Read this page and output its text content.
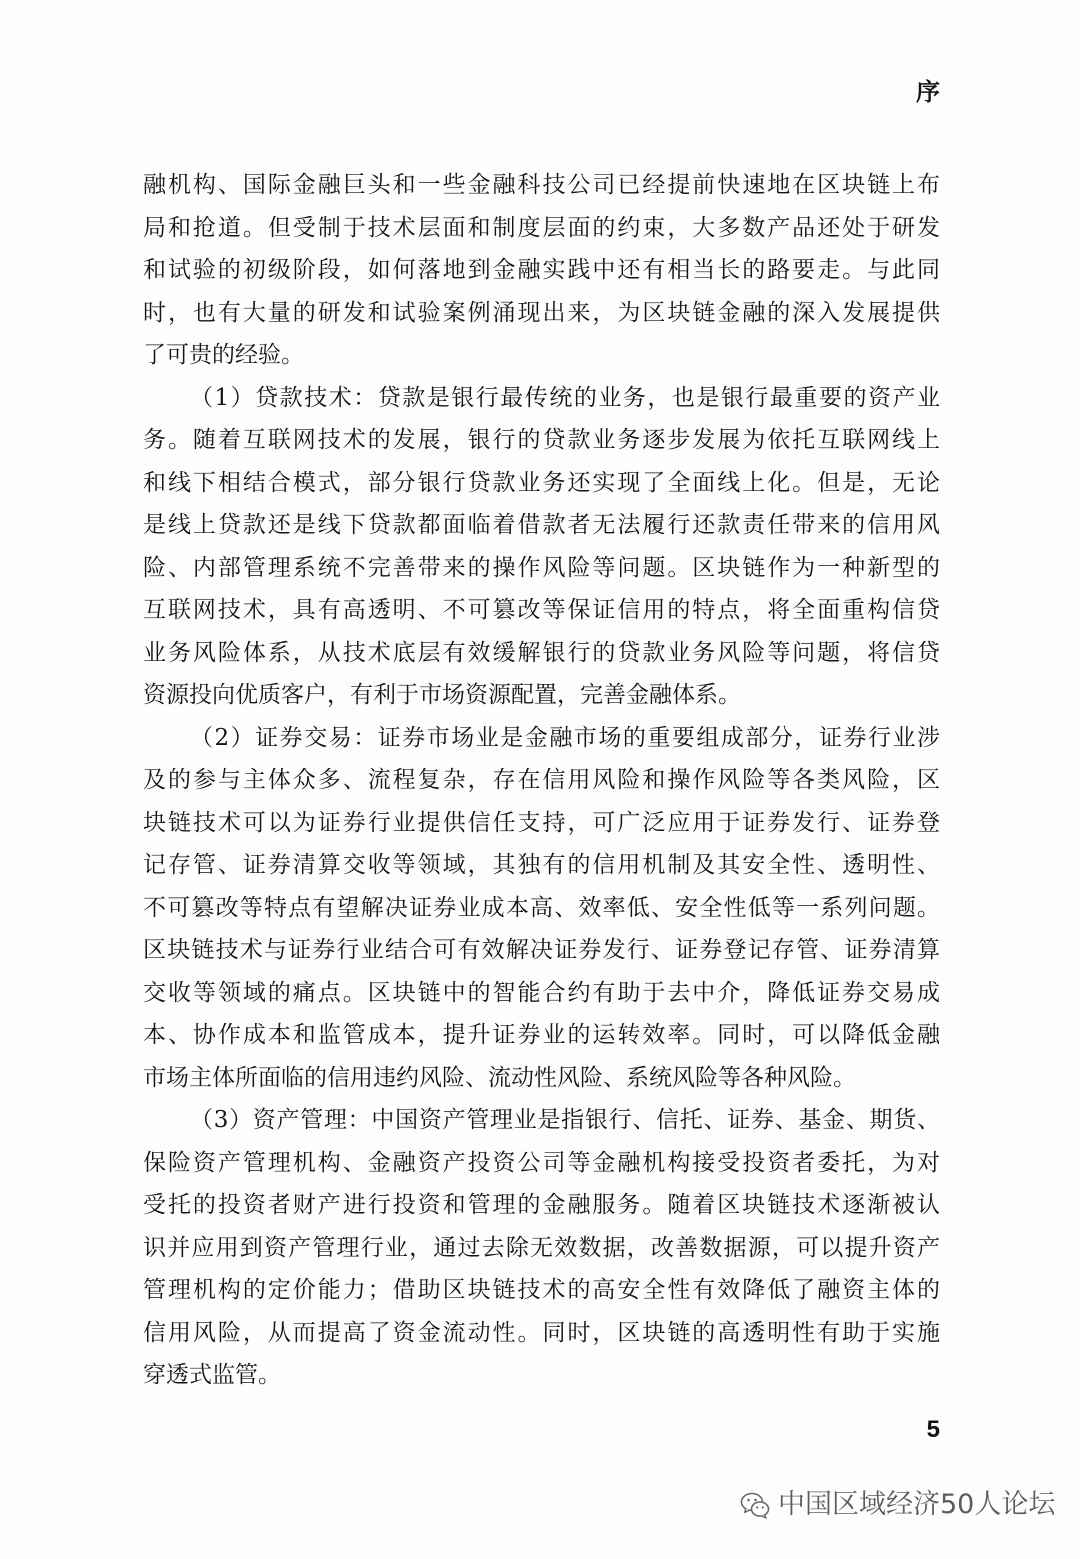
序
融机构、国际金融巨头和一些金融科技公司已经提前快速地在区块链上布
局和抢道。但受制于技术层面和制度层面的约束，大多数产品还处于研发
和试验的初级阶段，如何落地到金融实践中还有相当长的路要走。与此同
时，也有大量的研发和试验案例涌现出来，为区块链金融的深入发展提供
了可贵的经验。
（1）贷款技术：贷款是银行最传统的业务，也是银行最重要的资产业
务。随着互联网技术的发展，银行的贷款业务逐步发展为依托互联网线上
和线下相结合模式，部分银行贷款业务还实现了全面线上化。但是，无论
是线上贷款还是线下贷款都面临着借款者无法履行还款责任带来的信用风
险、内部管理系统不完善带来的操作风险等问题。区块链作为一种新型的
互联网技术，具有高透明、不可篡改等保证信用的特点，将全面重构信贷
业务风险体系，从技术底层有效缓解银行的贷款业务风险等问题，将信贷
资源投向优质客户，有利于市场资源配置，完善金融体系。
（2）证券交易：证券市场业是金融市场的重要组成部分，证券行业涉
及的参与主体众多、流程复杂，存在信用风险和操作风险等各类风险，区
块链技术可以为证券行业提供信任支持，可广泛应用于证券发行、证券登
记存管、证券清算交收等领域，其独有的信用机制及其安全性、透明性、
不可篡改等特点有望解决证券业成本高、效率低、安全性低等一系列问题。
区块链技术与证券行业结合可有效解决证券发行、证券登记存管、证券清算
交收等领域的痛点。区块链中的智能合约有助于去中介，降低证券交易成
本、协作成本和监管成本，提升证券业的运转效率。同时，可以降低金融
市场主体所面临的信用违约风险、流动性风险、系统风险等各种风险。
（3）资产管理：中国资产管理业是指银行、信托、证券、基金、期货、
保险资产管理机构、金融资产投资公司等金融机构接受投资者委托，为对
受托的投资者财产进行投资和管理的金融服务。随着区块链技术逐渐被认
识并应用到资产管理行业，通过去除无效数据，改善数据源，可以提升资产
管理机构的定价能力；借助区块链技术的高安全性有效降低了融资主体的
信用风险，从而提高了资金流动性。同时，区块链的高透明性有助于实施
穿透式监管。
5
中国区域经济50人论坛
